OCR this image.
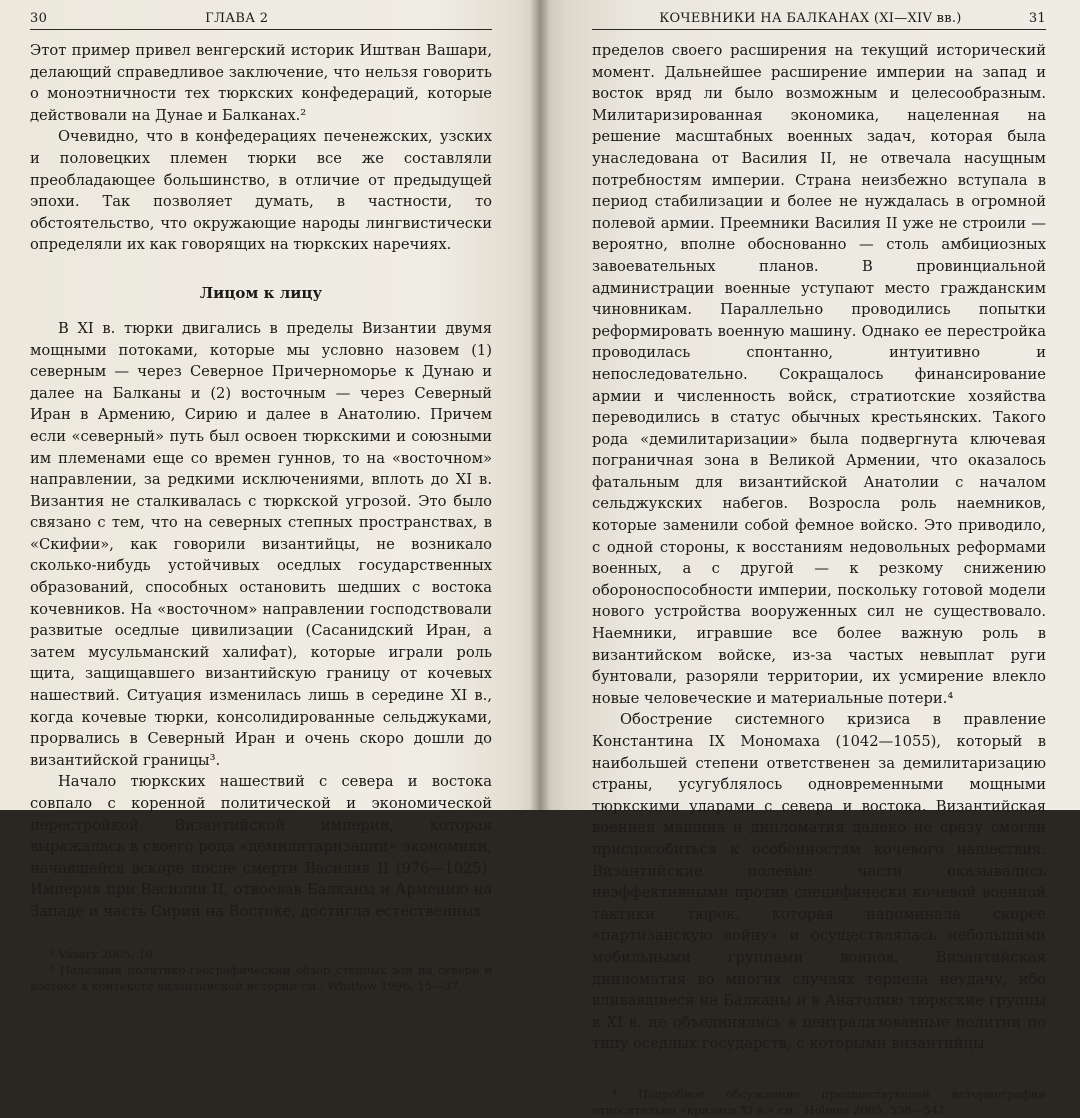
30	ГЛАВА 2

Этот пример привел венгерский историк Иштван Вашари, делающий справедливое заключение, что нельзя говорить о моноэтничности тех тюркских конфедераций, которые действовали на Дунае и Балканах.²

Очевидно, что в конфедерациях печенежских, узских и половецких племен тюрки все же составляли преобладающее большинство, в отличие от предыдущей эпохи. Так позволяет думать, в частности, то обстоятельство, что окружающие народы лингвистически определяли их как говорящих на тюркских наречиях.

Лицом к лицу

В XI в. тюрки двигались в пределы Византии двумя мощными потоками, которые мы условно назовем (1) северным — через Северное Причерноморье к Дунаю и далее на Балканы и (2) восточным — через Северный Иран в Армению, Сирию и далее в Анатолию. Причем если «северный» путь был освоен тюркскими и союзными им племенами еще со времен гуннов, то на «восточном» направлении, за редкими исключениями, вплоть до XI в. Византия не сталкивалась с тюркской угрозой. Это было связано с тем, что на северных степных пространствах, в «Скифии», как говорили византийцы, не возникало сколько-нибудь устойчивых оседлых государственных образований, способных остановить шедших с востока кочевников. На «восточном» направлении господствовали развитые оседлые цивилизации (Сасанидский Иран, а затем мусульманский халифат), которые играли роль щита, защищавшего византийскую границу от кочевых нашествий. Ситуация изменилась лишь в середине XI в., когда кочевые тюрки, консолидированные сельджуками, прорвались в Северный Иран и очень скоро дошли до византийской границы³.

Начало тюркских нашествий с севера и востока совпало с коренной политической и экономической перестройкой Византийской империи, которая выражалась в своего рода «демилитаризации» экономики, начавшейся вскоре после смерти Василия II (976—1025). Империя при Василии II, отвоевав Балканы и Армению на Западе и часть Сирии на Востоке, достигла естественных

² Vásáry 2005, 10.

³ Полезный политико-географический обзор степных зон на севере и востоке в контексте византийской истории см.: Whittow 1996, 15—37.

КОЧЕВНИКИ НА БАЛКАНАХ (XI—XIV вв.)	31

пределов своего расширения на текущий исторический момент. Дальнейшее расширение империи на запад и восток вряд ли было возможным и целесообразным. Милитаризированная экономика, нацеленная на решение масштабных военных задач, которая была унаследована от Василия II, не отвечала насущным потребностям империи. Страна неизбежно вступала в период стабилизации и более не нуждалась в огромной полевой армии. Преемники Василия II уже не строили — вероятно, вполне обоснованно — столь амбициозных завоевательных планов. В провинциальной администрации военные уступают место гражданским чиновникам. Параллельно проводились попытки реформировать военную машину. Однако ее перестройка проводилась спонтанно, интуитивно и непоследовательно. Сокращалось финансирование армии и численность войск, стратиотские хозяйства переводились в статус обычных крестьянских. Такого рода «демилитаризации» была подвергнута ключевая пограничная зона в Великой Армении, что оказалось фатальным для византийской Анатолии с началом сельджукских набегов. Возросла роль наемников, которые заменили собой фемное войско. Это приводило, с одной стороны, к восстаниям недовольных реформами военных, а с другой — к резкому снижению обороноспособности империи, поскольку готовой модели нового устройства вооруженных сил не существовало. Наемники, игравшие все более важную роль в византийском войске, из-за частых невыплат руги бунтовали, разоряли территории, их усмирение влекло новые человеческие и материальные потери.⁴

Обострение системного кризиса в правление Константина IX Мономаха (1042—1055), который в наибольшей степени ответственен за демилитаризацию страны, усугублялось одновременными мощными тюркскими ударами с севера и востока. Византийская военная машина и дипломатия далеко не сразу смогли приспособиться к особенностям кочевого нашествия. Византийские полевые части оказывались неэффективными против специфически кочевой военной тактики тюрок, которая напоминала скорее «партизанскую войну» и осуществлялась небольшими мобильными группами воинов. Византийская дипломатия во многих случаях терпела неудачу, ибо вливавшиеся на Балканы и в Анатолию тюркские группы в XI в. не объединялись в централизованные политии по типу оседлых государств, с которыми византийцы

⁴ Подробное обсуждение предшествующей историографии относительно «кризиса XI в.» см.: Holmes 2005, 538—541.
